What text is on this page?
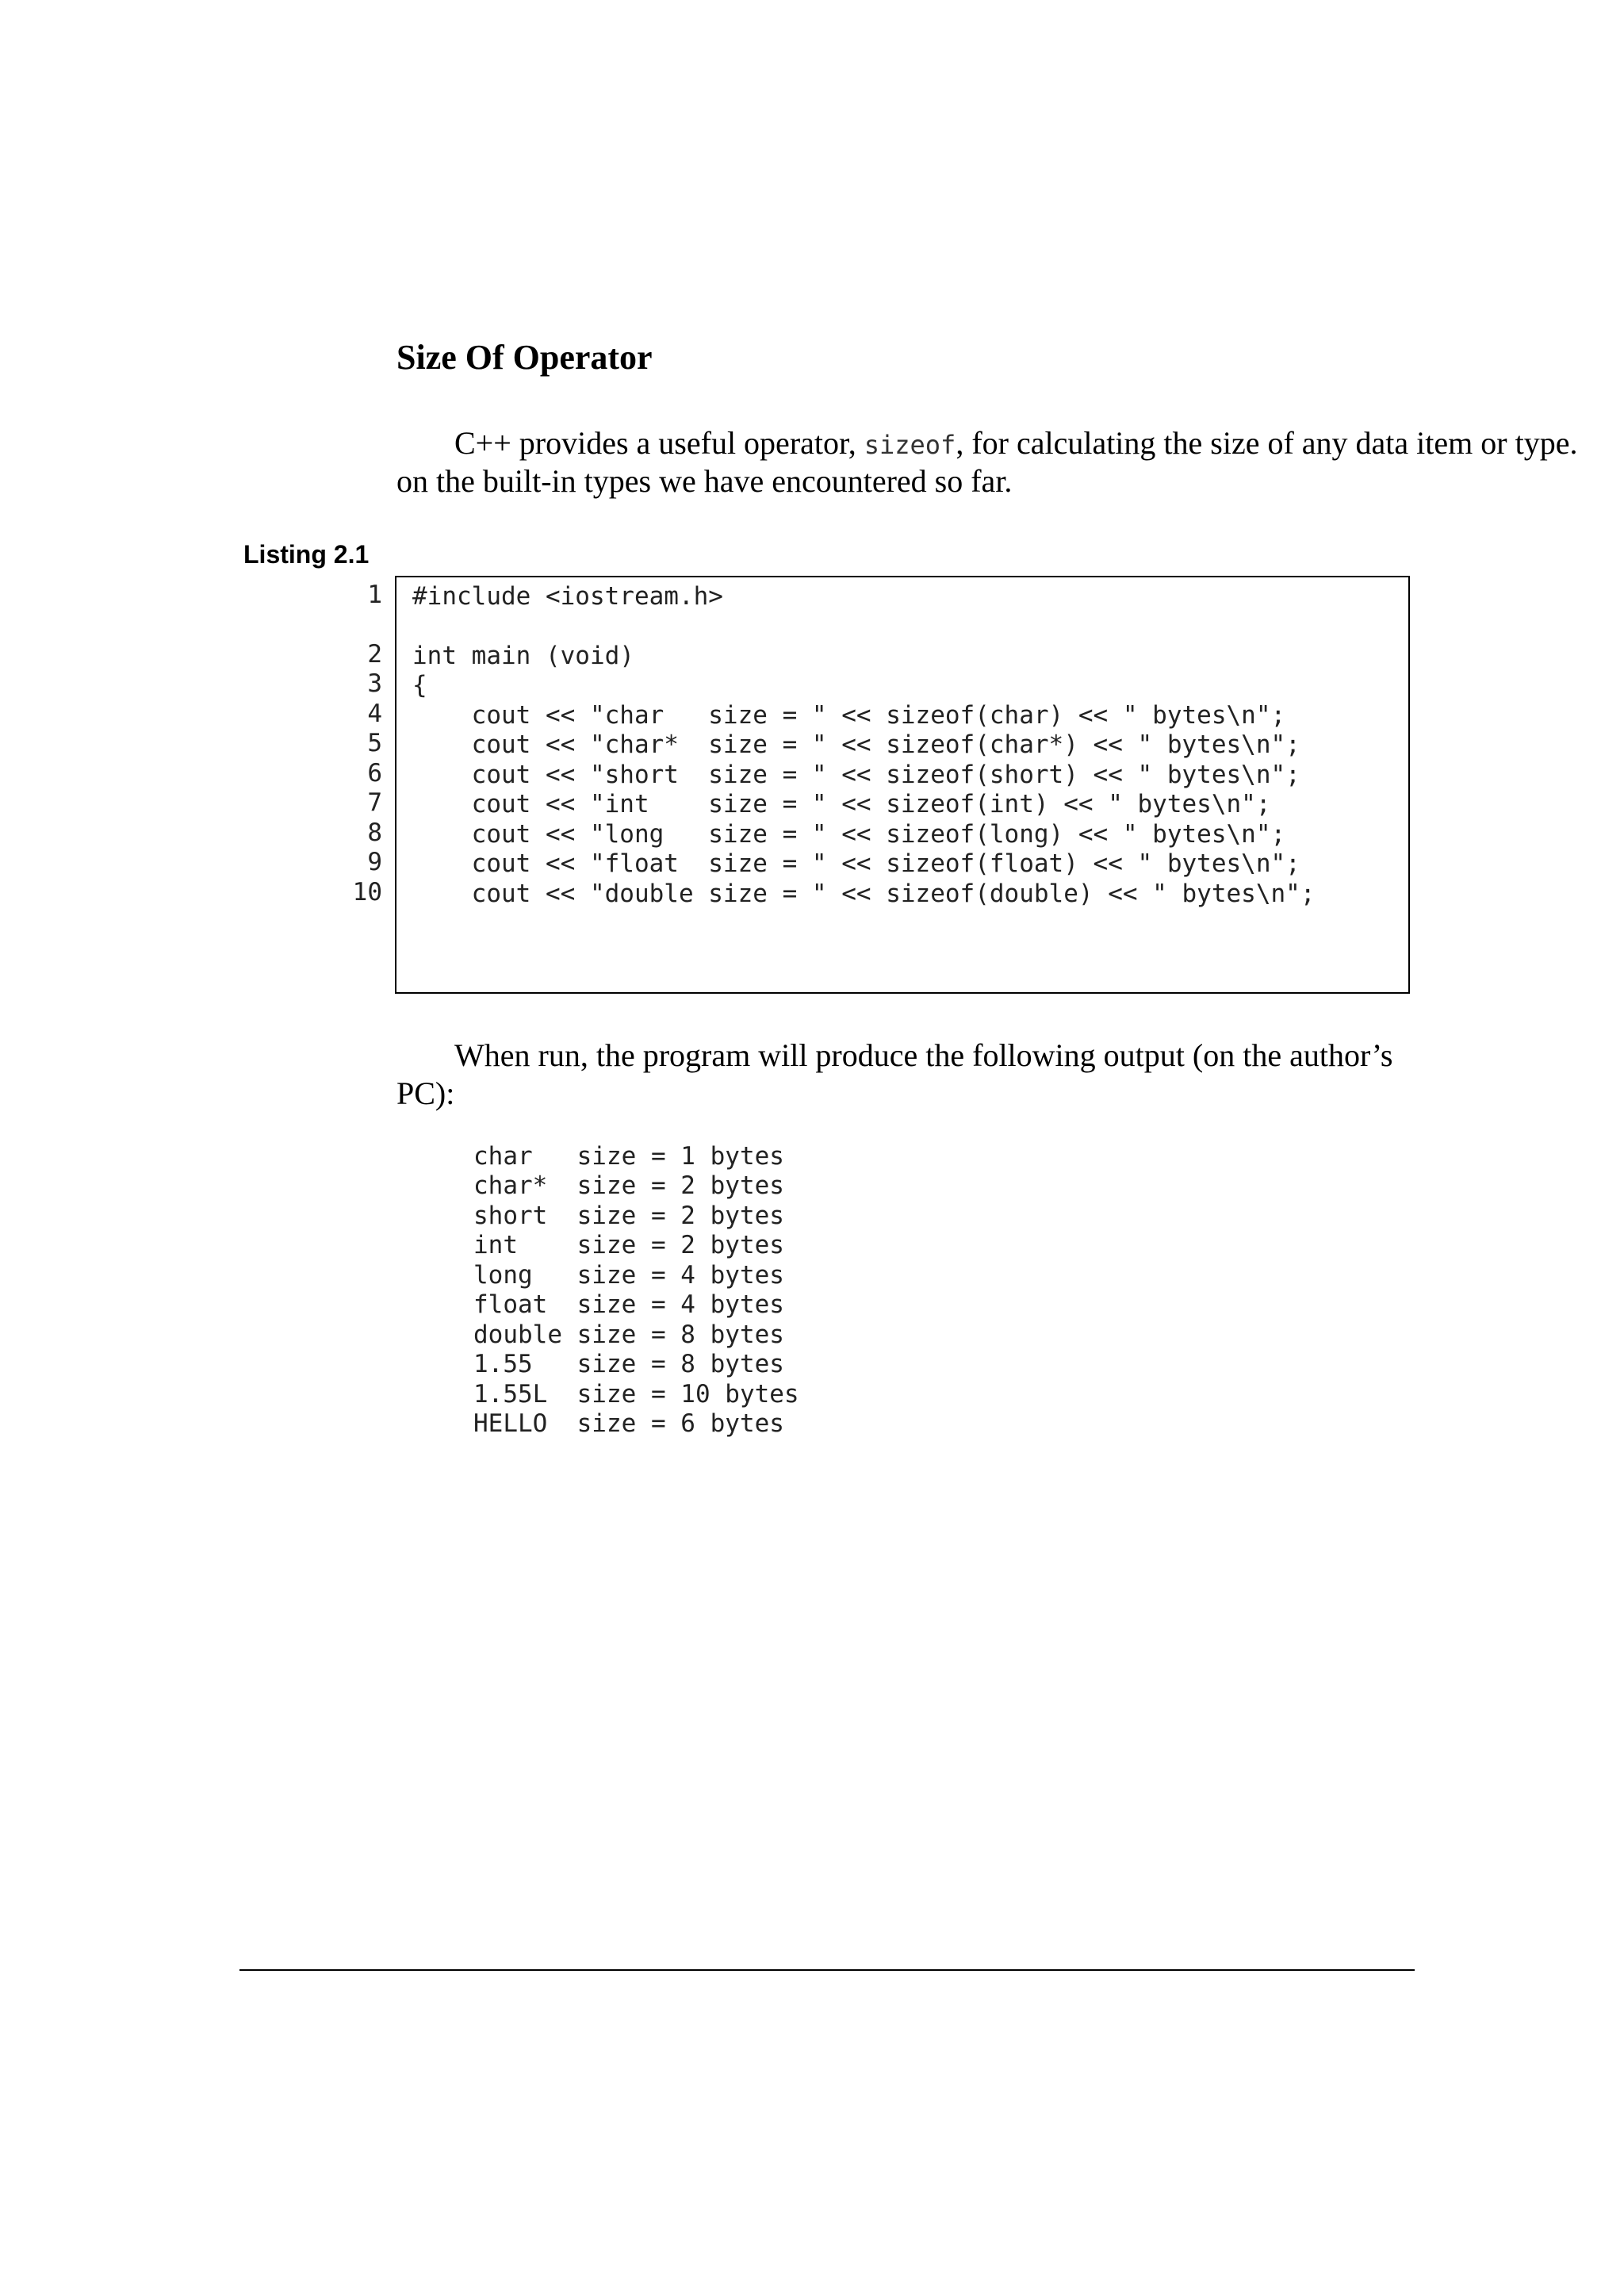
Size Of Operator
C++ provides a useful operator, sizeof, for calculating the size of any data item or type.
on the built-in types we have encountered so far.
Listing 2.1
1
2
3
4
5
6
7
8
9
10
#include <iostream.h>
int main (void)
{
cout << "char   size = " << sizeof(char) << " bytes\n";
cout << "char*  size = " << sizeof(char*) << " bytes\n";
cout << "short  size = " << sizeof(short) << " bytes\n";
cout << "int    size = " << sizeof(int) << " bytes\n";
cout << "long   size = " << sizeof(long) << " bytes\n";
cout << "float  size = " << sizeof(float) << " bytes\n";
cout << "double size = " << sizeof(double) << " bytes\n";
When run, the program will produce the following output (on the author’s
PC):
char   size = 1 bytes
char*  size = 2 bytes
short  size = 2 bytes
int    size = 2 bytes
long   size = 4 bytes
float  size = 4 bytes
double size = 8 bytes
1.55   size = 8 bytes
1.55L  size = 10 bytes
HELLO  size = 6 bytes
